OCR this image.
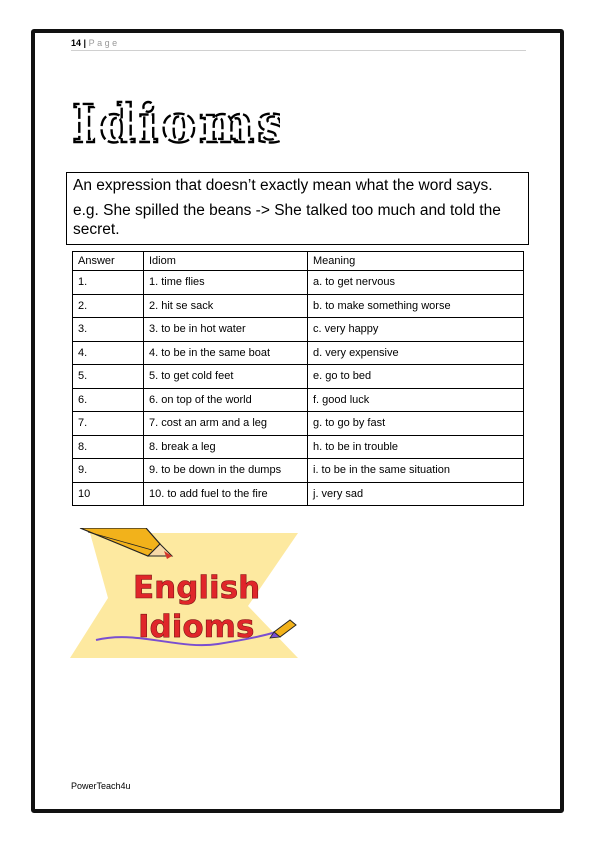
14 | Page
Idioms

An expression that doesn’t exactly mean what the word says.

e.g. She spilled the beans -> She talked too much and told the secret.

Answer	Idiom	Meaning
1.	1. time flies	a. to get nervous
2.	2. hit se sack	b. to make something worse
3.	3. to be in hot water	c. very happy
4.	4. to be in the same boat	d. very expensive
5.	5. to get cold feet	e. go to bed
6.	6. on top of the world	f. good luck
7.	7. cost an arm and a leg	g. to go by fast
8.	8. break a leg	h. to be in trouble
9.	9. to be down in the dumps	i. to be in the same situation
10	10. to add fuel to the fire	j. very sad
English
Idioms
PowerTeach4u
